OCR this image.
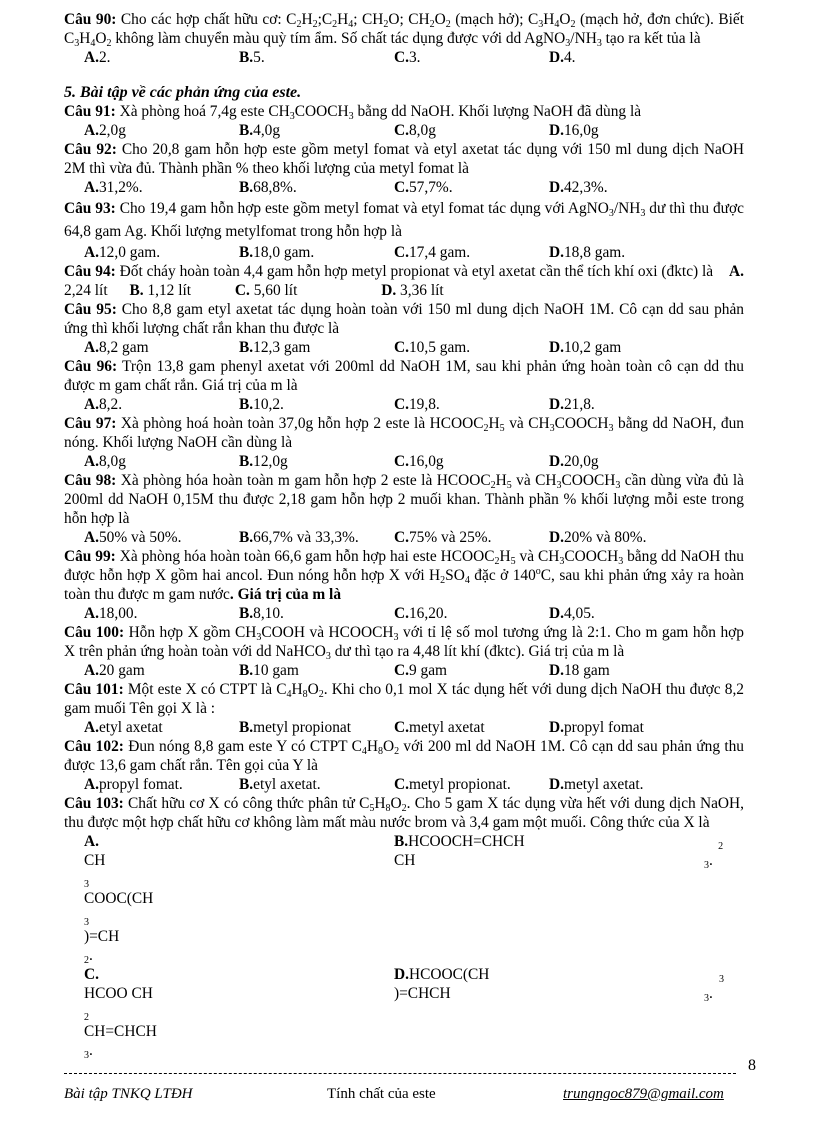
Câu 90: Cho các hợp chất hữu cơ: $C_2H_2;C_2H_4$; $CH_2O$; $CH_2O_2$ (mạch hở); $C_3H_4O_2$ (mạch hở, đơn chức). Biết $C_3H_4O_2$ không làm chuyển màu quỳ tím ẩm. Số chất tác dụng được với dd $AgNO_3/NH_3$ tạo ra kết tủa là

A.2.	B.5.	C.3.	D.4.

5. Bài tập về các phản ứng của este.

Câu 91: Xà phòng hoá 7,4g este $CH_3COOCH_3$ bằng dd NaOH. Khối lượng NaOH đã dùng là

A.2,0g	B.4,0g	C.8,0g	D.16,0g

Câu 92: Cho 20,8 gam hỗn hợp este gồm metyl fomat và etyl axetat tác dụng với 150 ml dung dịch NaOH 2M thì vừa đủ. Thành phần % theo khối lượng của metyl fomat là

A.31,2%.	B.68,8%.	C.57,7%.	D.42,3%.

Câu 93: Cho 19,4 gam hỗn hợp este gồm metyl fomat và etyl fomat tác dụng với $AgNO_3/NH_3$ dư thì thu được 64,8 gam Ag. Khối lượng metylfomat trong hỗn hợp là

A.12,0 gam.	B.18,0 gam.	C.17,4 gam.	D.18,8 gam.

Câu 94: Đốt cháy hoàn toàn 4,4 gam hỗn hợp metyl propionat và etyl axetat cần thể tích khí oxi (đktc) là A. 2,24 lít B. 1,12 lít	C. 5,60 lít	D. 3,36 lít

Câu 95: Cho 8,8 gam etyl axetat tác dụng hoàn toàn với 150 ml dung dịch NaOH 1M. Cô cạn dd sau phản ứng thì khối lượng chất rắn khan thu được là

A.8,2 gam	B.12,3 gam	C.10,5 gam.	D.10,2 gam

Câu 96: Trộn 13,8 gam phenyl axetat với 200ml dd NaOH 1M, sau khi phản ứng hoàn toàn cô cạn dd thu được m gam chất rắn. Giá trị của m là

A.8,2.	B.10,2.	C.19,8.	D.21,8.

Câu 97: Xà phòng hoá hoàn toàn 37,0g hỗn hợp 2 este là $HCOOC_2H_5$ và $CH_3COOCH_3$ bằng dd NaOH, đun nóng. Khối lượng NaOH cần dùng là

A.8,0g	B.12,0g	C.16,0g	D.20,0g

Câu 98: Xà phòng hóa hoàn toàn m gam hỗn hợp 2 este là $HCOOC_2H_5$ và $CH_3COOCH_3$ cần dùng vừa đủ là 200ml dd NaOH 0,15M thu được 2,18 gam hỗn hợp 2 muối khan. Thành phần % khối lượng mỗi este trong hỗn hợp là

A.50% và 50%.	B.66,7% và 33,3%.	C.75% và 25%.	D.20% và 80%.

Câu 99: Xà phòng hóa hoàn toàn 66,6 gam hỗn hợp hai este $HCOOC_2H_5$ và $CH_3COOCH_3$ bằng dd NaOH thu được hỗn hợp X gồm hai ancol. Đun nóng hỗn hợp X với $H_2SO_4$ đặc ở 140$^o$C, sau khi phản ứng xảy ra hoàn toàn thu được m gam nước. Giá trị của m là

A.18,00.	B.8,10.	C.16,20.	D.4,05.

Câu 100: Hỗn hợp X gồm $CH_3COOH$ và $HCOOCH_3$ với tỉ lệ số mol tương ứng là 2:1. Cho m gam hỗn hợp X trên phản ứng hoàn toàn với dd NaHCO$_3$ dư thì tạo ra 4,48 lít khí (đktc). Giá trị của m là

A.20 gam	B.10 gam	C.9 gam	D.18 gam

Câu 101: Một este X có CTPT là $C_4H_8O_2$. Khi cho 0,1 mol X tác dụng hết với dung dịch NaOH thu được 8,2 gam muối Tên gọi X là :

A.etyl axetat	B.metyl propionat	C.metyl axetat	D.propyl fomat

Câu 102: Đun nóng 8,8 gam este Y có CTPT $C_4H_8O_2$ với 200 ml dd NaOH 1M. Cô cạn dd sau phản ứng thu được 13,6 gam chất rắn. Tên gọi của Y là

A.propyl fomat.	B.etyl axetat.	C.metyl propionat.	D.metyl axetat.

Câu 103: Chất hữu cơ X có công thức phân tử $C_5H_8O_2$. Cho 5 gam X tác dụng vừa hết với dung dịch NaOH, thu được một hợp chất hữu cơ không làm mất màu nước brom và 3,4 gam một muối. Công thức của X là

$A.CH_3COOC(CH_3)=CH_2$.
B.HCOOCH=CHCH	$_2$CH	$_3$.
C.HCOO $CH_2CH=CHCH_3$.
D.HCOOC(CH	$_3$)=CHCH	$_3$.
8
Bài tập TNKQ LTĐH	Tính chất của este	trungngoc879@gmail.com
